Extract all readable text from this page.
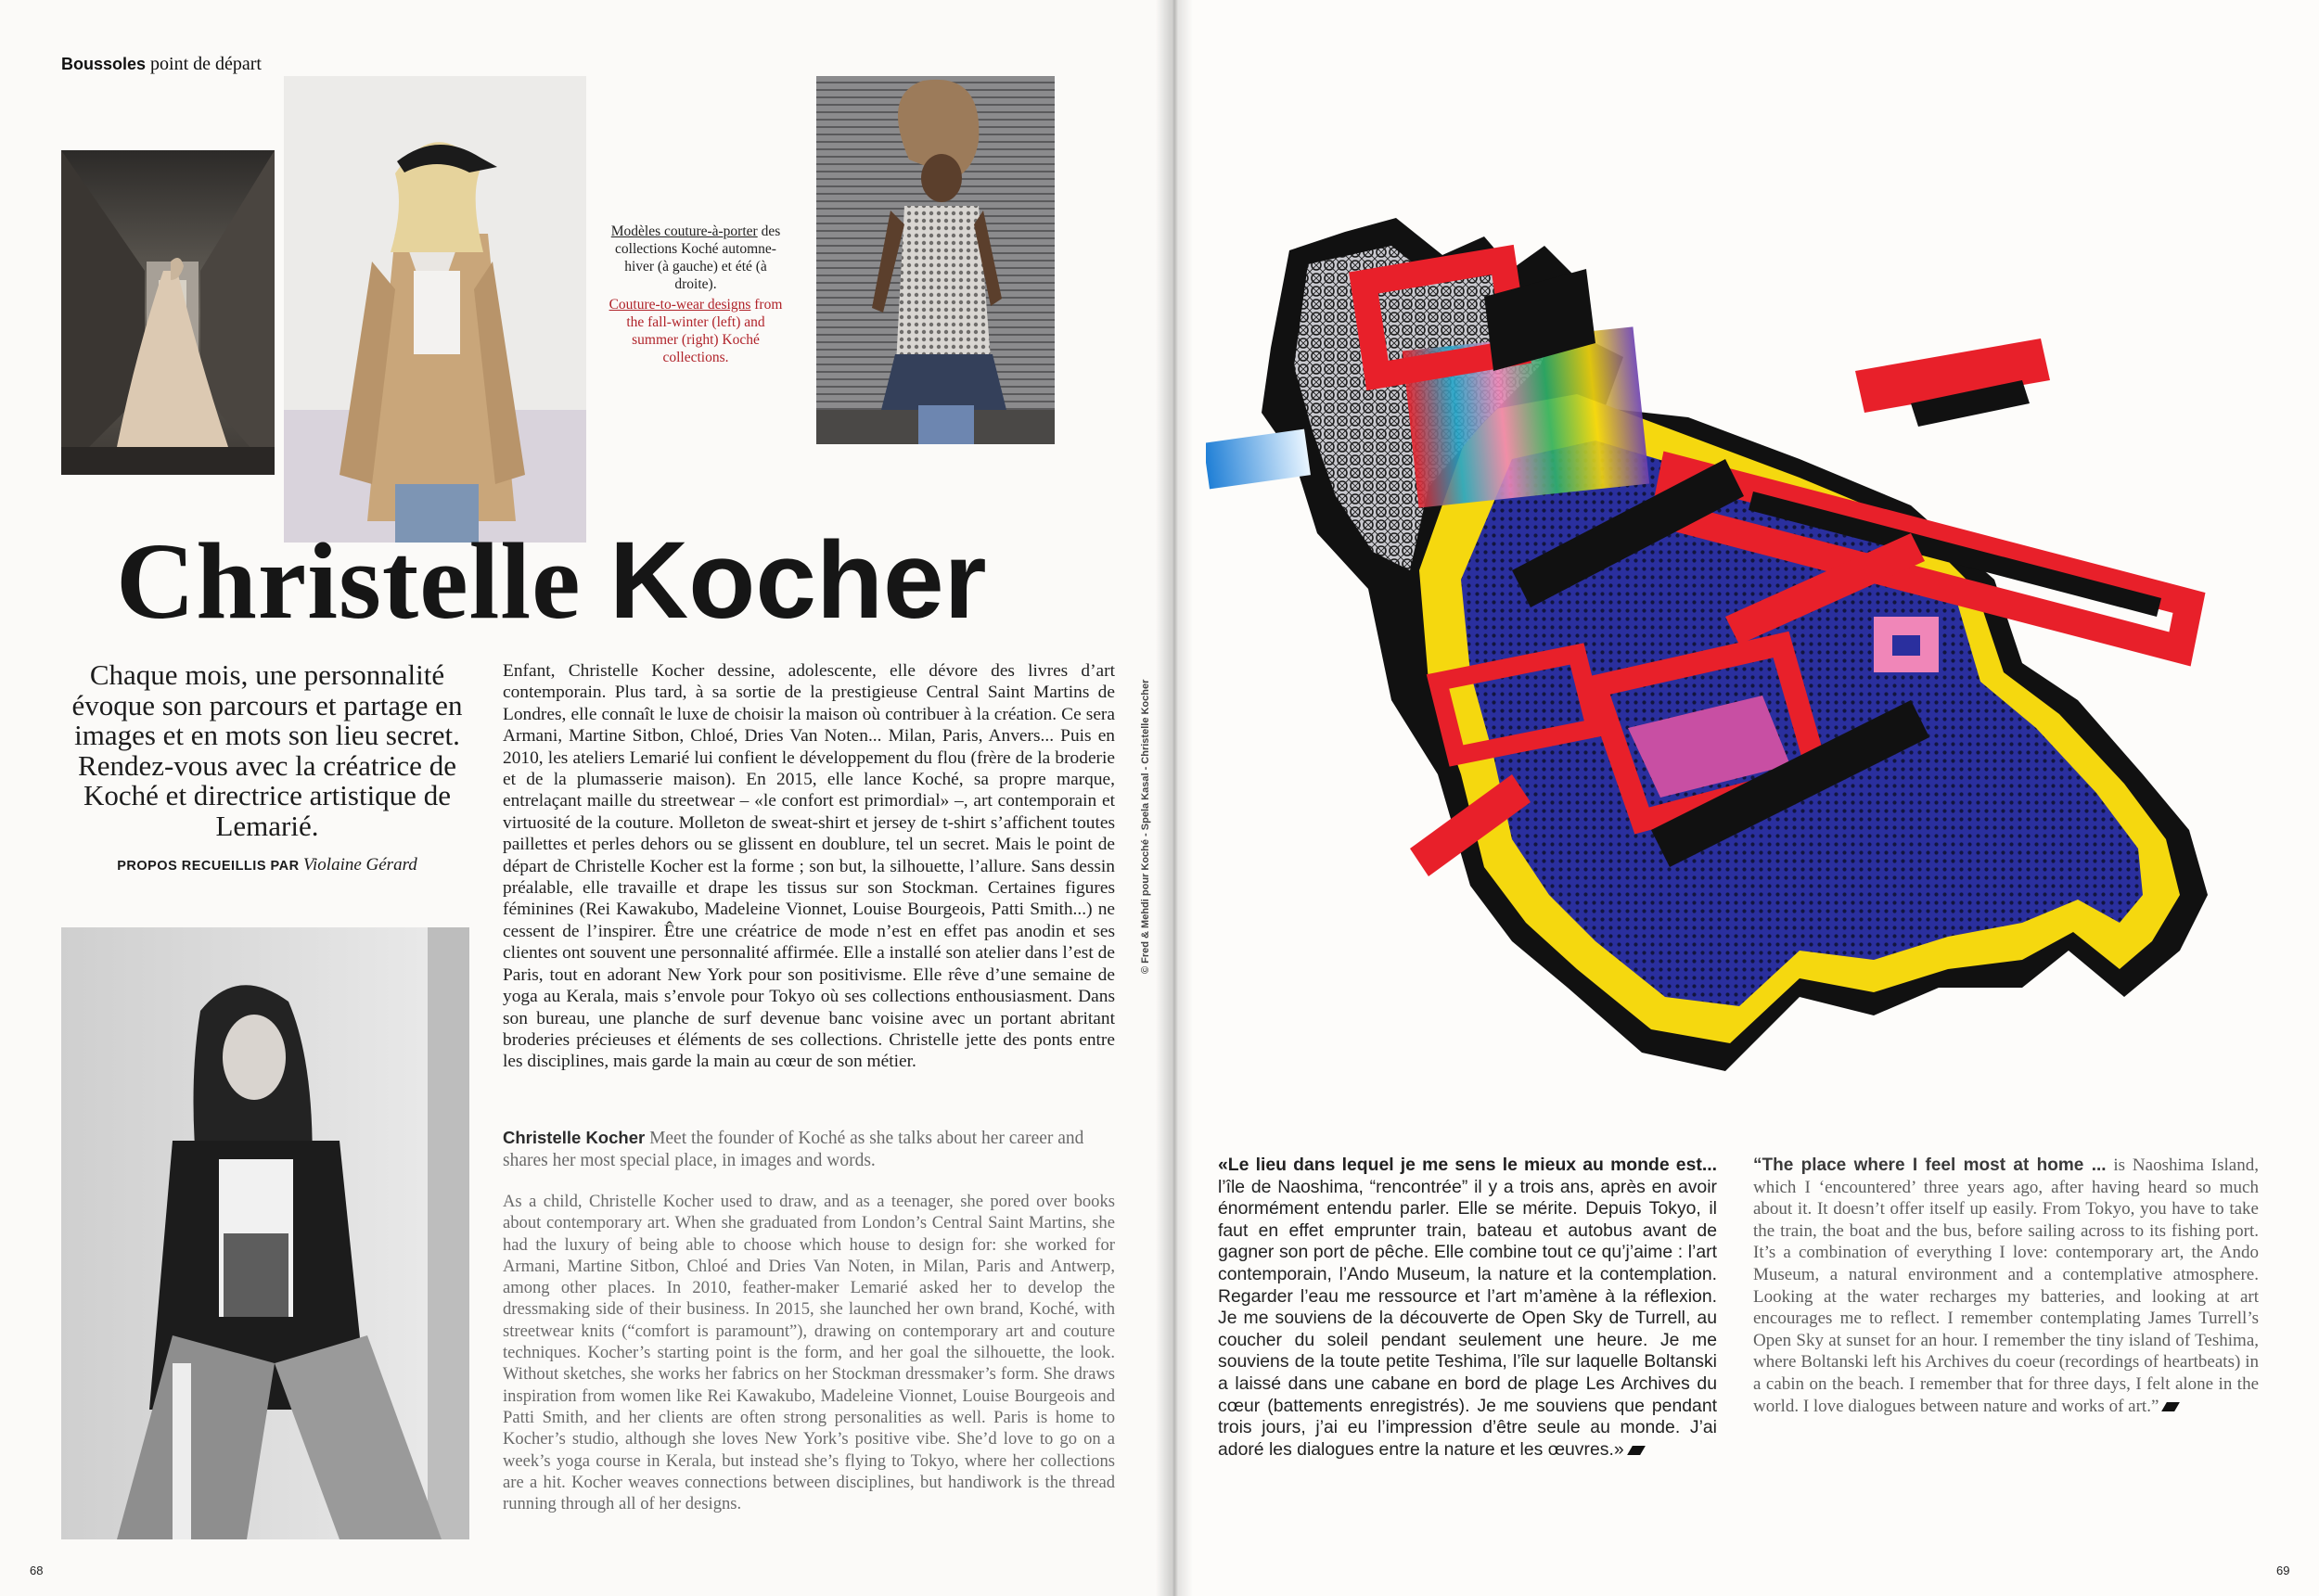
Boussoles point de départ
Modèles couture-à-porter des collections Koché automne-hiver (à gauche) et été (à droite).
Couture-to-wear designs from the fall-winter (left) and summer (right) Koché collections.
Christelle Kocher
Chaque mois, une personnalité évoque son parcours et partage en images et en mots son lieu secret. Rendez-vous avec la créatrice de Koché et directrice artistique de Lemarié.
PROPOS RECUEILLIS PAR Violaine Gérard
Enfant, Christelle Kocher dessine, adolescente, elle dévore des livres d’art contemporain. Plus tard, à sa sortie de la prestigieuse Central Saint Martins de Londres, elle connaît le luxe de choisir la maison où contribuer à la création. Ce sera Armani, Martine Sitbon, Chloé, Dries Van Noten... Milan, Paris, Anvers... Puis en 2010, les ateliers Lemarié lui confient le développement du flou (frère de la broderie et de la plumasserie maison). En 2015, elle lance Koché, sa propre marque, entrelaçant maille du streetwear – «le confort est primordial» –, art contemporain et virtuosité de la couture. Molleton de sweat-shirt et jersey de t-shirt s’affichent toutes paillettes et perles dehors ou se glissent en doublure, tel un secret. Mais le point de départ de Christelle Kocher est la forme ; son but, la silhouette, l’allure. Sans dessin préalable, elle travaille et drape les tissus sur son Stockman. Certaines figures féminines (Rei Kawakubo, Madeleine Vionnet, Louise Bourgeois, Patti Smith...) ne cessent de l’inspirer. Être une créatrice de mode n’est en effet pas anodin et ses clientes ont souvent une personnalité affirmée. Elle a installé son atelier dans l’est de Paris, tout en adorant New York pour son positivisme. Elle rêve d’une semaine de yoga au Kerala, mais s’envole pour Tokyo où ses collections enthousiasment. Dans son bureau, une planche de surf devenue banc voisine avec un portant abritant broderies précieuses et éléments de ses collections. Christelle jette des ponts entre les disciplines, mais garde la main au cœur de son métier.
Christelle Kocher Meet the founder of Koché as she talks about her career and shares her most special place, in images and words.
As a child, Christelle Kocher used to draw, and as a teenager, she pored over books about contemporary art. When she graduated from London’s Central Saint Martins, she had the luxury of being able to choose which house to design for: she worked for Armani, Martine Sitbon, Chloé and Dries Van Noten, in Milan, Paris and Antwerp, among other places. In 2010, feather-maker Lemarié asked her to develop the dressmaking side of their business. In 2015, she launched her own brand, Koché, with streetwear knits (“comfort is paramount”), drawing on contemporary art and couture techniques. Kocher’s starting point is the form, and her goal the silhouette, the look. Without sketches, she works her fabrics on her Stockman dressmaker’s form. She draws inspiration from women like Rei Kawakubo, Madeleine Vionnet, Louise Bourgeois and Patti Smith, and her clients are often strong personalities as well. Paris is home to Kocher’s studio, although she loves New York’s positive vibe. She’d love to go on a week’s yoga course in Kerala, but instead she’s flying to Tokyo, where her collections are a hit. Kocher weaves connections between disciplines, but handiwork is the thread running through all of her designs.
68
© Fred & Mehdi pour Koché - Spela Kasal - Christelle Kocher
«Le lieu dans lequel je me sens le mieux au monde est... l’île de Naoshima, “rencontrée” il y a trois ans, après en avoir énormément entendu parler. Elle se mérite. Depuis Tokyo, il faut en effet emprunter train, bateau et autobus avant de gagner son port de pêche. Elle combine tout ce qu’j’aime : l’art contemporain, l’Ando Museum, la nature et la contemplation. Regarder l’eau me ressource et l’art m’amène à la réflexion. Je me souviens de la découverte de Open Sky de Turrell, au coucher du soleil pendant seulement une heure. Je me souviens de la toute petite Teshima, l’île sur laquelle Boltanski a laissé dans une cabane en bord de plage Les Archives du cœur (battements enregistrés). Je me souviens que pendant trois jours, j’ai eu l’impression d’être seule au monde. J’ai adoré les dialogues entre la nature et les œuvres.»
“The place where I feel most at home ... is Naoshima Island, which I ‘encountered’ three years ago, after having heard so much about it. It doesn’t offer itself up easily. From Tokyo, you have to take the train, the boat and the bus, before sailing across to its fishing port. It’s a combination of everything I love: contemporary art, the Ando Museum, a natural environment and a contemplative atmosphere. Looking at the water recharges my batteries, and looking at art encourages me to reflect. I remember contemplating James Turrell’s Open Sky at sunset for an hour. I remember the tiny island of Teshima, where Boltanski left his Archives du coeur (recordings of heartbeats) in a cabin on the beach. I remember that for three days, I felt alone in the world. I love dialogues between nature and works of art.”
69
